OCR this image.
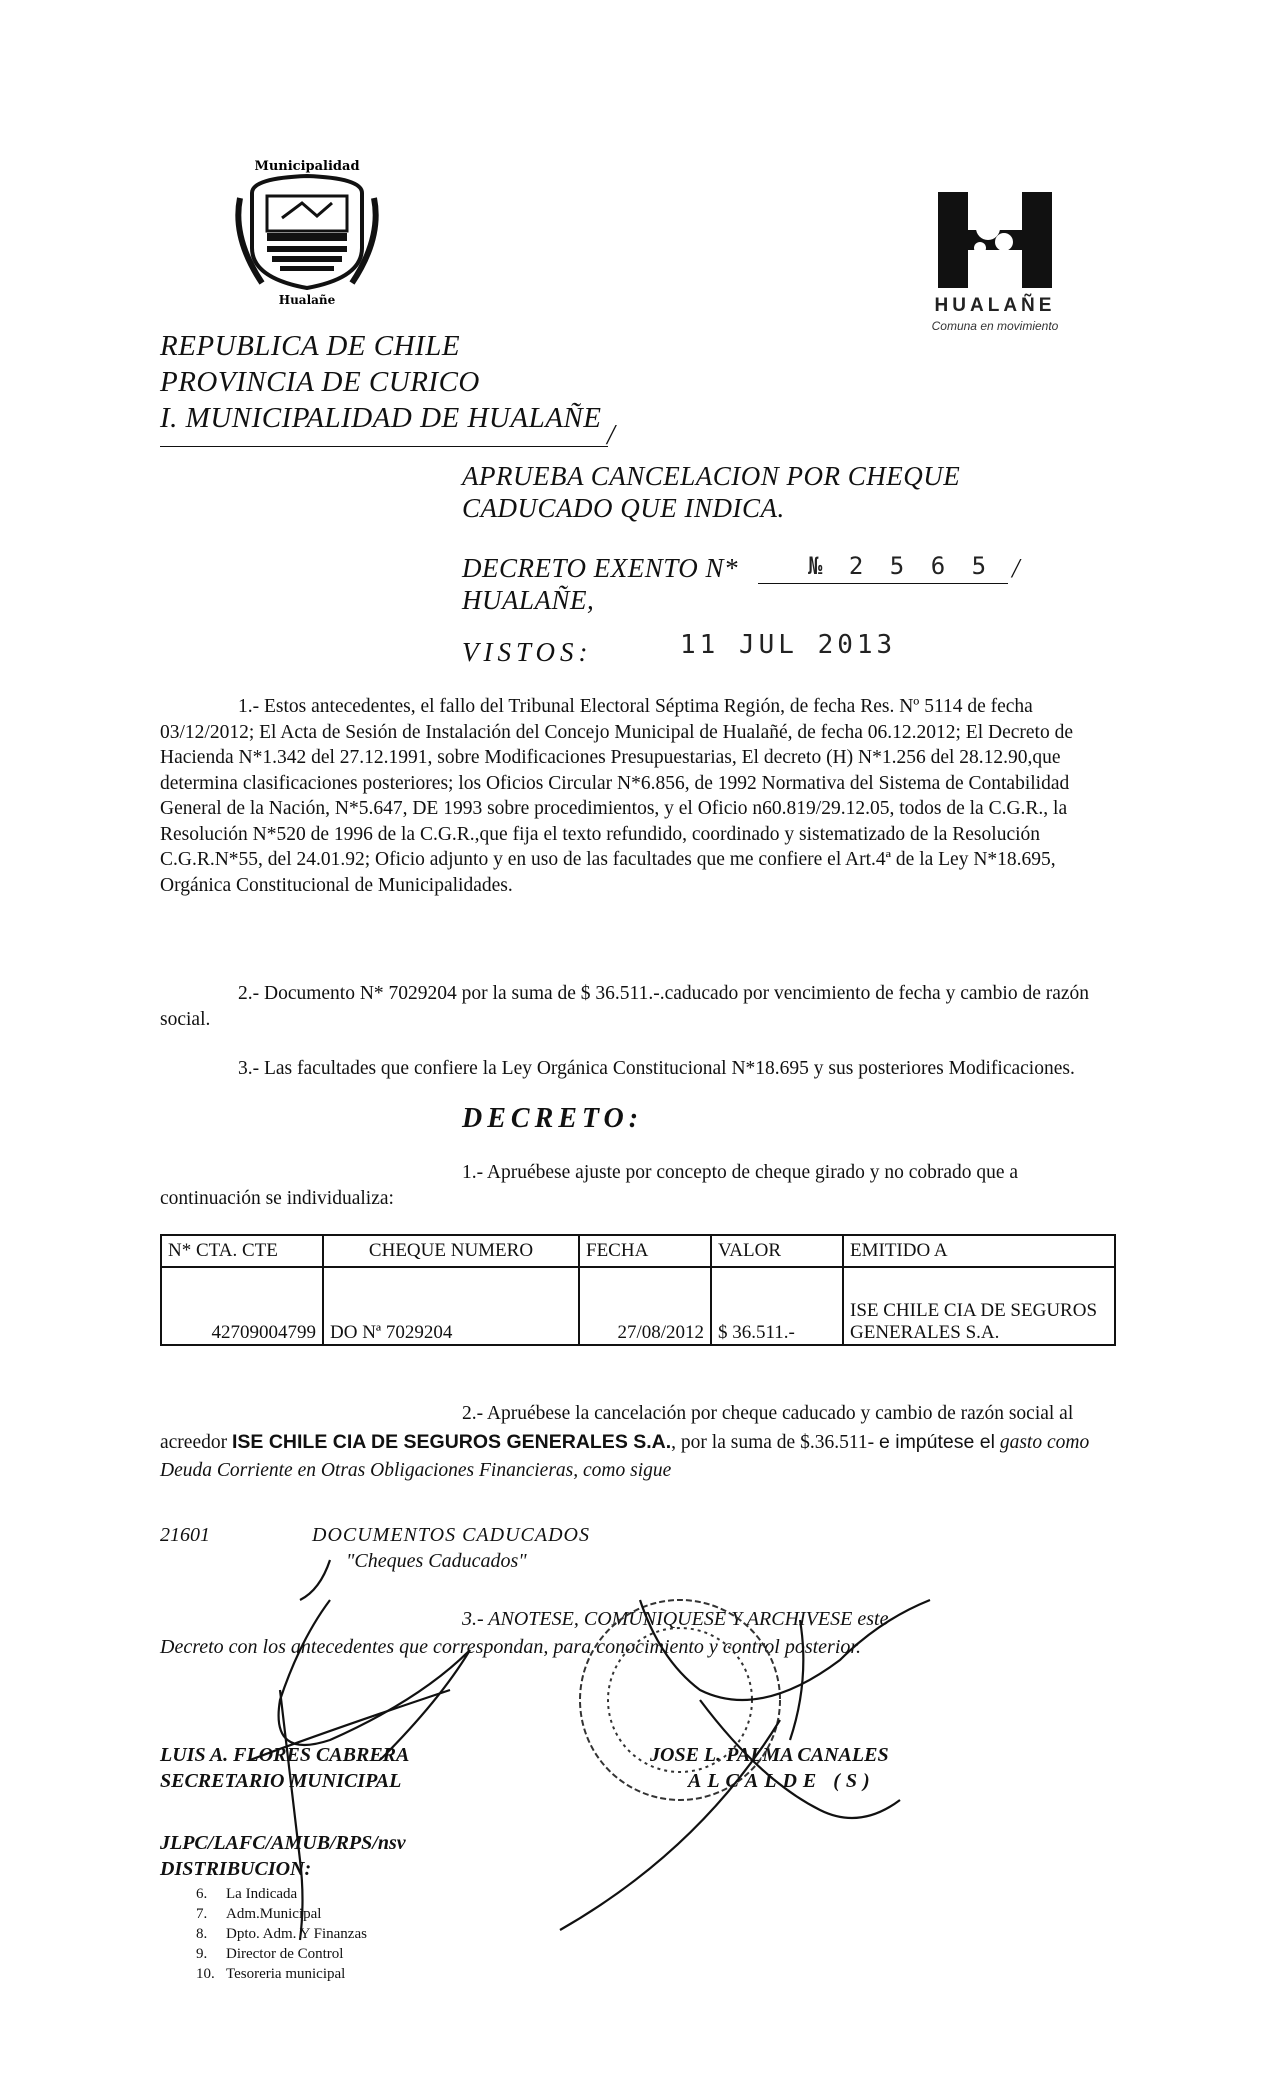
Municipalidad
Hualañe	HUALAÑE
Comuna en movimiento
REPUBLICA DE CHILE
PROVINCIA DE CURICO
I. MUNICIPALIDAD DE HUALAÑE
/
APRUEBA CANCELACION POR CHEQUE
CADUCADO QUE INDICA.
DECRETO EXENTO N*	№ 2 5 6 5 /
HUALAÑE,
VISTOS:	11 JUL 2013

1.- Estos antecedentes, el fallo del Tribunal Electoral Séptima Región, de fecha Res. Nº 5114 de fecha 03/12/2012; El Acta de Sesión de Instalación del Concejo Municipal de Hualañé, de fecha 06.12.2012; El Decreto de Hacienda N*1.342 del 27.12.1991, sobre Modificaciones Presupuestarias, El decreto (H) N*1.256 del 28.12.90,que determina clasificaciones posteriores; los Oficios Circular N*6.856, de 1992 Normativa del Sistema de Contabilidad General de la Nación, N*5.647, DE 1993 sobre procedimientos, y el Oficio n60.819/29.12.05, todos de la C.G.R., la Resolución N*520 de 1996 de la C.G.R.,que fija el texto refundido, coordinado y sistematizado de la Resolución C.G.R.N*55, del 24.01.92; Oficio adjunto y en uso de las facultades que me confiere el Art.4ª de la Ley N*18.695, Orgánica Constitucional de Municipalidades.

2.- Documento N* 7029204 por la suma de $ 36.511.-.caducado por vencimiento de fecha y cambio de razón social.

3.- Las facultades que confiere la Ley Orgánica Constitucional N*18.695 y sus posteriores Modificaciones.

DECRETO:

1.- Apruébese ajuste por concepto de cheque girado y no cobrado que a continuación se individualiza:

N* CTA. CTE	CHEQUE NUMERO	FECHA	VALOR	EMITIDO A
42709004799	DO Nª 7029204	27/08/2012	$ 36.511.-	ISE CHILE CIA DE SEGUROS GENERALES S.A.

2.- Apruébese la cancelación por cheque caducado y cambio de razón social al acreedor ISE CHILE CIA DE SEGUROS GENERALES S.A., por la suma de $.36.511- e impútese el gasto como Deuda Corriente en Otras Obligaciones Financieras, como sigue

21601	DOCUMENTOS CADUCADOS
"Cheques Caducados"
3.- ANOTESE, COMUNIQUESE Y ARCHIVESE este
Decreto con los antecedentes que correspondan, para conocimiento y control posterior.
LUIS A. FLORES CABRERA
SECRETARIO MUNICIPAL
JOSE L. PALMA CANALES
ALCALDE (S)
JLPC/LAFC/AMUB/RPS/nsv
DISTRIBUCION:
6. La Indicada
7. Adm.Municipal
8. Dpto. Adm. Y Finanzas
9. Director de Control
10. Tesoreria municipal
